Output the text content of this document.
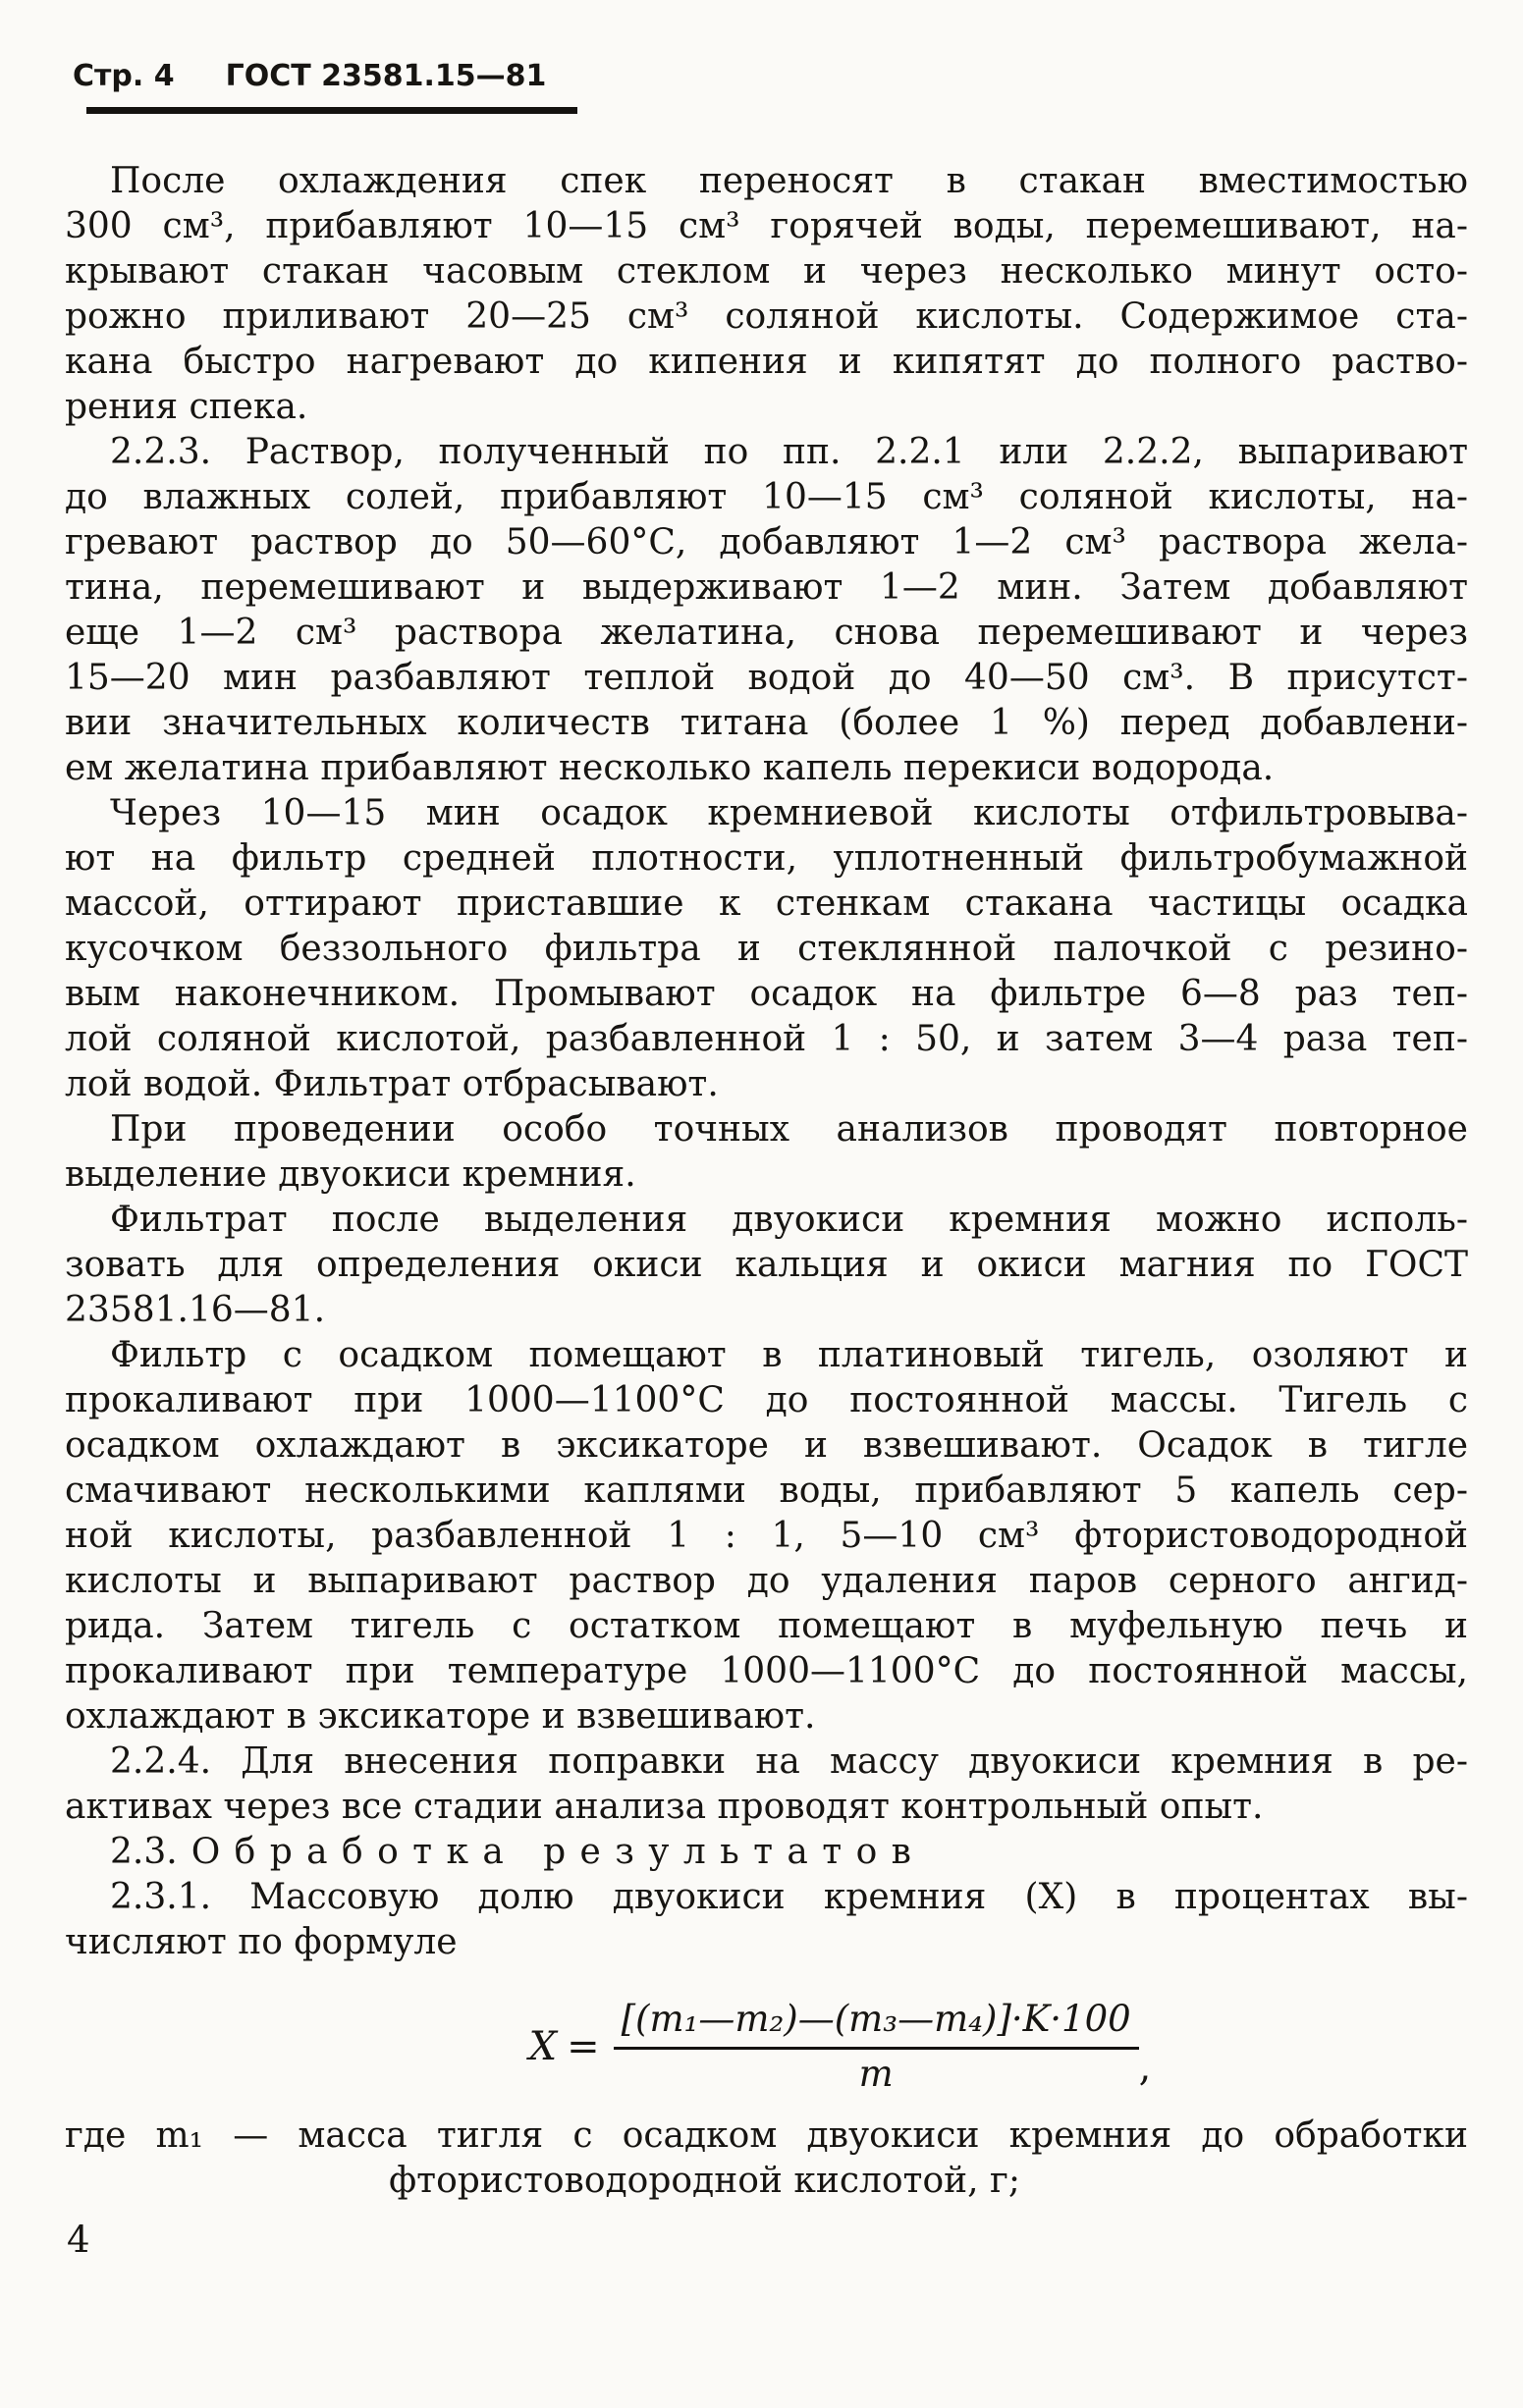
Стр. 4 ГОСТ 23581.15—81
После охлаждения спек переносят в стакан вместимостью
300 см³, прибавляют 10—15 см³ горячей воды, перемешивают, на-
крывают стакан часовым стеклом и через несколько минут осто-
рожно приливают 20—25 см³ соляной кислоты. Содержимое ста-
кана быстро нагревают до кипения и кипятят до полного раство-
рения спека.
2.2.3. Раствор, полученный по пп. 2.2.1 или 2.2.2, выпаривают
до влажных солей, прибавляют 10—15 см³ соляной кислоты, на-
гревают раствор до 50—60°С, добавляют 1—2 см³ раствора жела-
тина, перемешивают и выдерживают 1—2 мин. Затем добавляют
еще 1—2 см³ раствора желатина, снова перемешивают и через
15—20 мин разбавляют теплой водой до 40—50 см³. В присутст-
вии значительных количеств титана (более 1 %) перед добавлени-
ем желатина прибавляют несколько капель перекиси водорода.
Через 10—15 мин осадок кремниевой кислоты отфильтровыва-
ют на фильтр средней плотности, уплотненный фильтробумажной
массой, оттирают приставшие к стенкам стакана частицы осадка
кусочком беззольного фильтра и стеклянной палочкой с резино-
вым наконечником. Промывают осадок на фильтре 6—8 раз теп-
лой соляной кислотой, разбавленной 1 : 50, и затем 3—4 раза теп-
лой водой. Фильтрат отбрасывают.
При проведении особо точных анализов проводят повторное
выделение двуокиси кремния.
Фильтрат после выделения двуокиси кремния можно исполь-
зовать для определения окиси кальция и окиси магния по ГОСТ
23581.16—81.
Фильтр с осадком помещают в платиновый тигель, озоляют и
прокаливают при 1000—1100°С до постоянной массы. Тигель с
осадком охлаждают в эксикаторе и взвешивают. Осадок в тигле
смачивают несколькими каплями воды, прибавляют 5 капель сер-
ной кислоты, разбавленной 1 : 1, 5—10 см³ фтористоводородной
кислоты и выпаривают раствор до удаления паров серного ангид-
рида. Затем тигель с остатком помещают в муфельную печь и
прокаливают при температуре 1000—1100°С до постоянной массы,
охлаждают в эксикаторе и взвешивают.
2.2.4. Для внесения поправки на массу двуокиси кремния в ре-
активах через все стадии анализа проводят контрольный опыт.
2.3. Обработка результатов
2.3.1. Массовую долю двуокиси кремния (X) в процентах вы-
числяют по формуле
$X = \frac{\text{[(m₁—m₂)—(m₃—m₄)]·K·100}}{m}$ ,
где m₁ — масса тигля с осадком двуокиси кремния до обработки
фтористоводородной кислотой, г;
4
